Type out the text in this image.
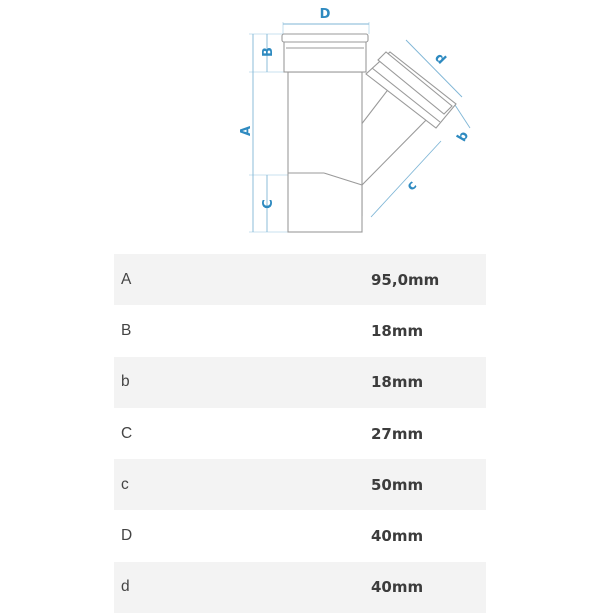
A
B
C
D
d
b
c
A	95,0mm
B	18mm
b	18mm
C	27mm
c	50mm
D	40mm
d	40mm
